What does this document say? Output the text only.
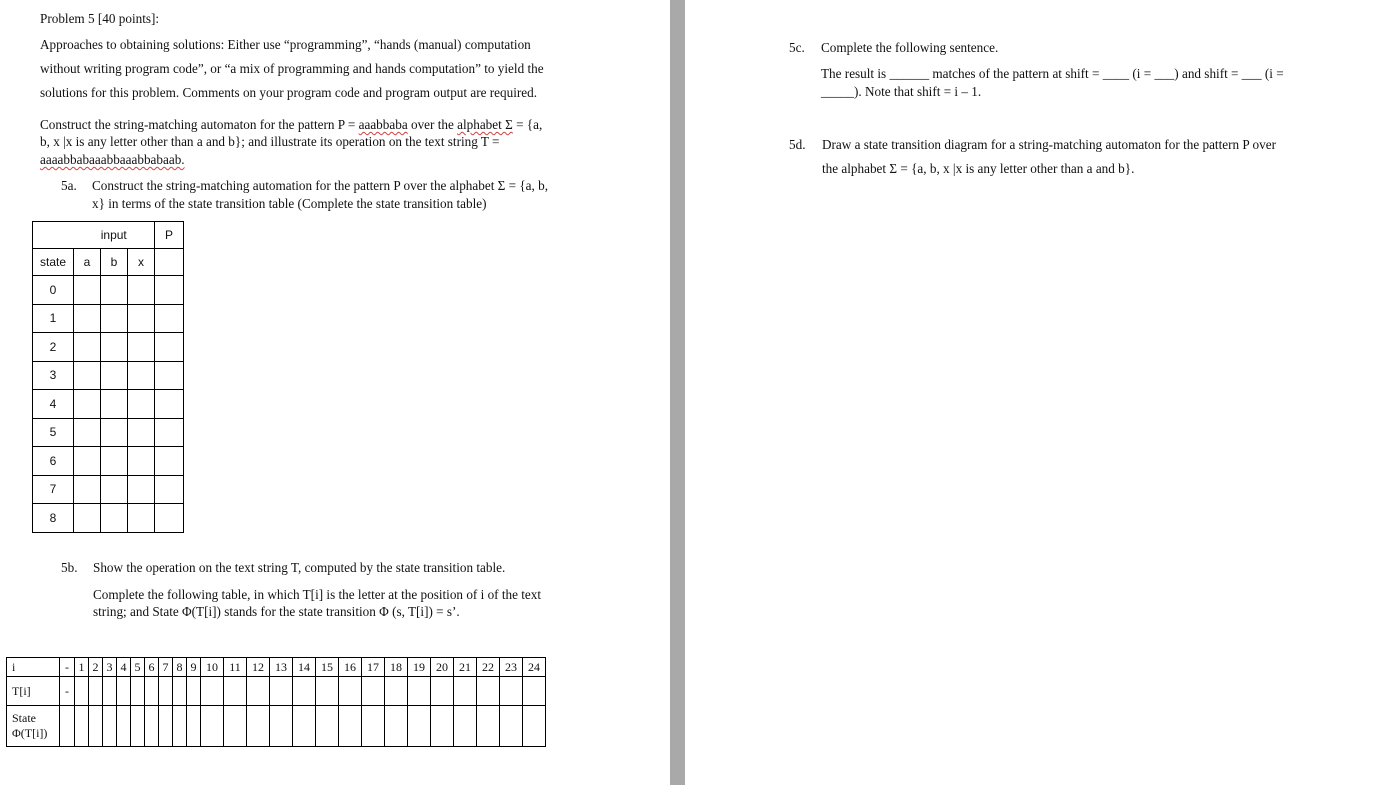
Problem 5 [40 points]:
Approaches to obtaining solutions: Either use “programming”, “hands (manual) computation
without writing program code”, or “a mix of programming and hands computation” to yield the
solutions for this problem. Comments on your program code and program output are required.
Construct the string-matching automaton for the pattern P = aaabbaba over the alphabet Σ = {a,
b, x |x is any letter other than a and b}; and illustrate its operation on the text string T =
aaaabbabaaabbaaabbabaab.
5a. Construct the string-matching automation for the pattern P over the alphabet Σ = {a, b,
x} in terms of the state transition table (Complete the state transition table)
	input			P
state	a	b	x	
0				
1				
2				
3				
4				
5				
6				
7				
8				
5b. Show the operation on the text string T, computed by the state transition table.
Complete the following table, in which T[i] is the letter at the position of i of the text
string; and State Φ(T[i]) stands for the state transition Φ (s, T[i]) = s’.
i	-	1	2	3	4	5	6	7	8	9	10	11	12	13	14	15	16	17	18	19	20	21	22	23	24
T[i]	-																								
State
Φ(T[i])																									
5c. Complete the following sentence.
The result is ______ matches of the pattern at shift = ____ (i = ___) and shift = ___ (i =
_____). Note that shift = i – 1.
5d. Draw a state transition diagram for a string-matching automaton for the pattern P over
the alphabet Σ = {a, b, x |x is any letter other than a and b}.
